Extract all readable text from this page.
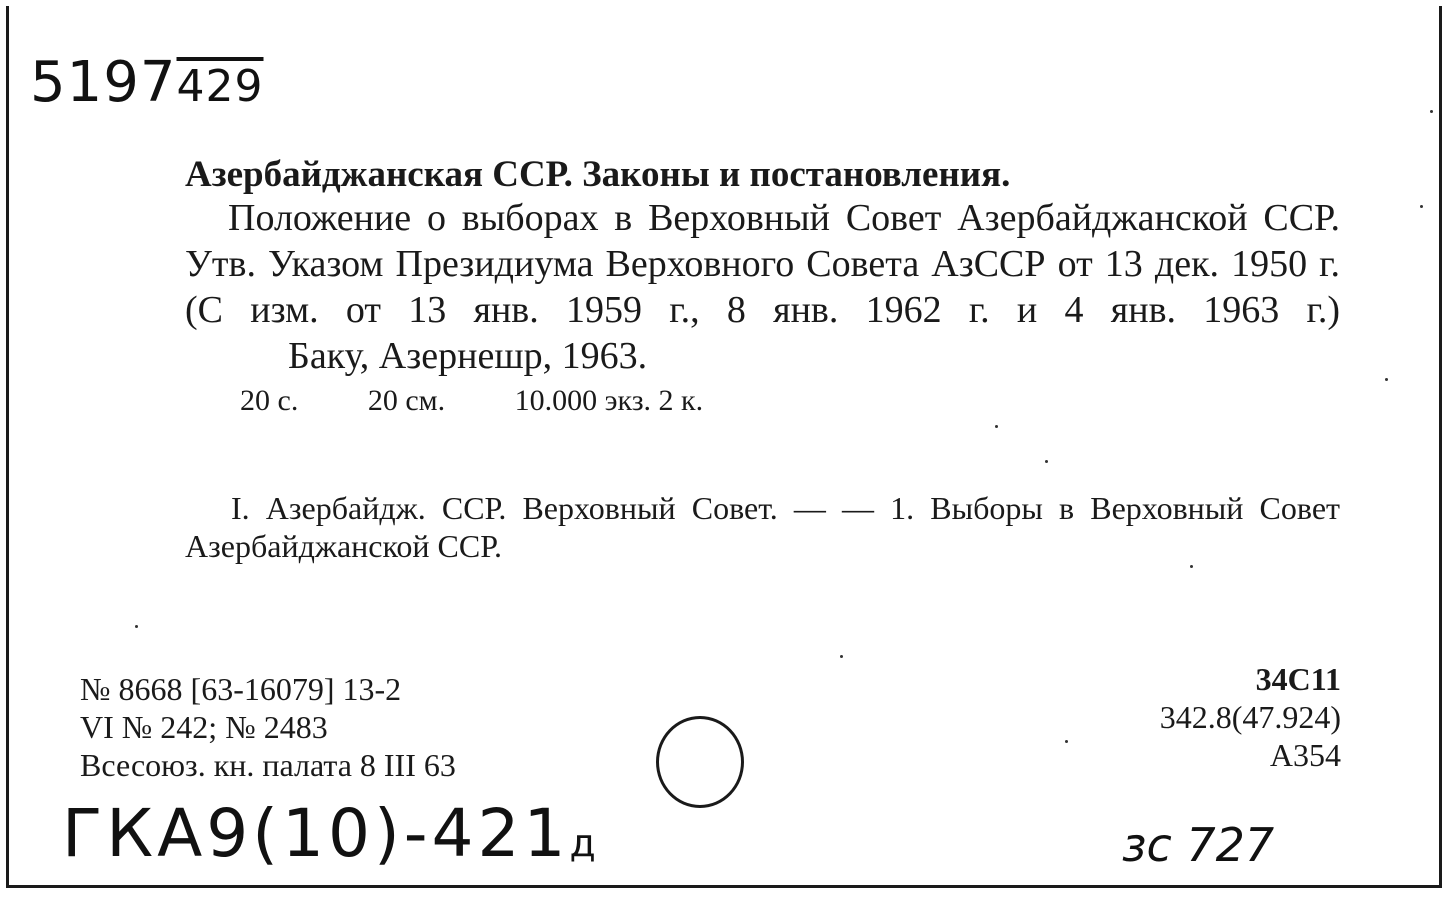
5197429
Азербайджанская ССР. Законы и постановления.
Положение о выборах в Верховный Совет Азербайджанской ССР. Утв. Указом Президиума Верховного Совета АзССР от 13 дек. 1950 г. (С изм. от 13 янв. 1959 г., 8 янв. 1962 г. и 4 янв. 1963 г.) Баку, Азернешр, 1963.
20 с. 20 см. 10.000 экз. 2 к.
I. Азербайдж. ССР. Верховный Совет. — — 1. Выборы в Верховный Совет Азербайджанской ССР.
№ 8668 [63-16079] 13-2
VI № 242; № 2483
Всесоюз. кн. палата 8 III 63
34С11
342.8(47.924)
А354
ГКА9(10)-421д	зс 727
